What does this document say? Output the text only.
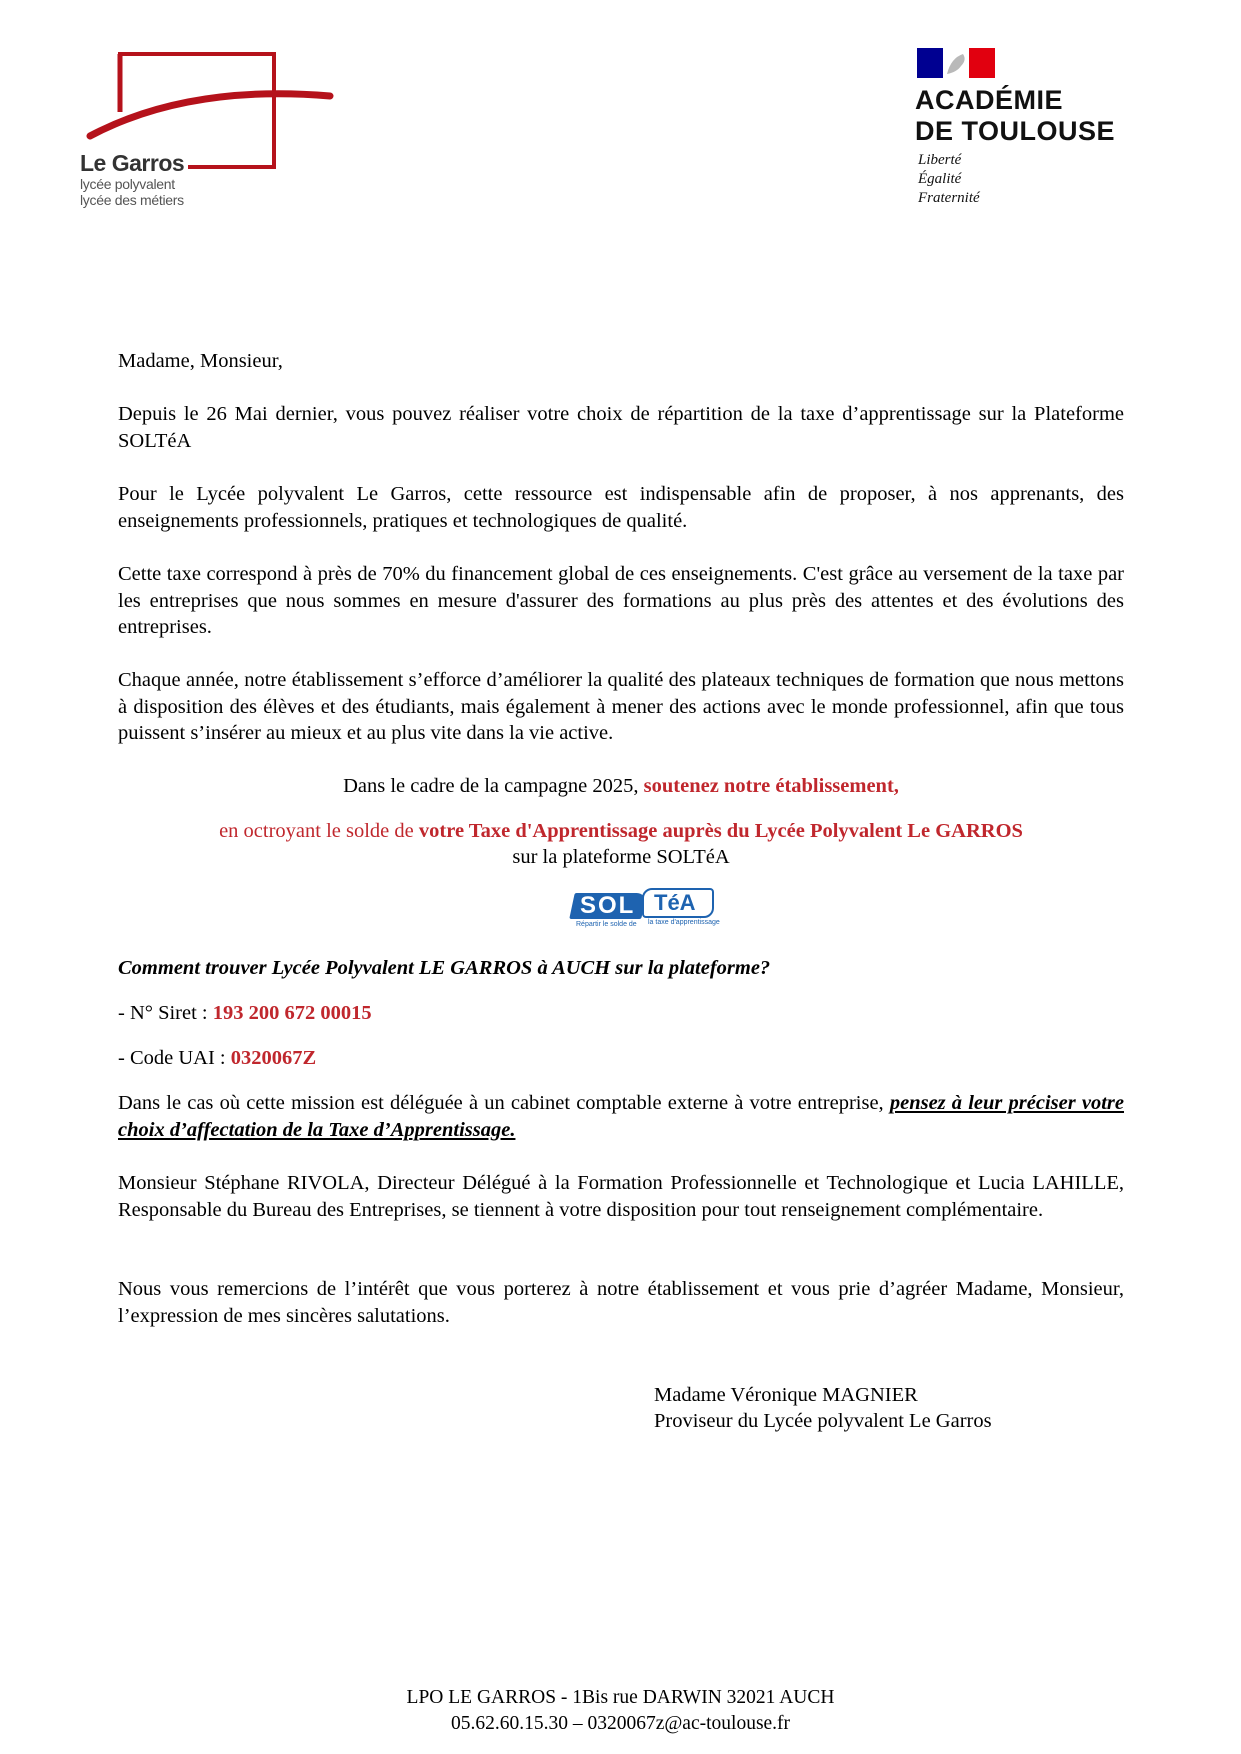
Le Garros
lycée polyvalent
lycée des métiers
ACADÉMIE
DE TOULOUSE
Liberté
Égalité
Fraternité
Madame, Monsieur,
Depuis le 26 Mai dernier, vous pouvez réaliser votre choix de répartition de la taxe d’apprentissage sur la Plateforme SOLTéA
Pour le Lycée polyvalent Le Garros, cette ressource est indispensable afin de proposer, à nos apprenants, des enseignements professionnels, pratiques et technologiques de qualité.
Cette taxe correspond à près de 70% du financement global de ces enseignements. C'est grâce au versement de la taxe par les entreprises que nous sommes en mesure d'assurer des formations au plus près des attentes et des évolutions des entreprises.
Chaque année, notre établissement s’efforce d’améliorer la qualité des plateaux techniques de formation que nous mettons à disposition des élèves et des étudiants, mais également à mener des actions avec le monde professionnel, afin que tous puissent s’insérer au mieux et au plus vite dans la vie active.
Dans le cadre de la campagne 2025, soutenez notre établissement,
en octroyant le solde de votre Taxe d'Apprentissage auprès du Lycée Polyvalent Le GARROS
sur la plateforme SOLTéA
SOL TéA
Répartir le solde de la taxe d'apprentissage
Comment trouver Lycée Polyvalent LE GARROS à AUCH sur la plateforme?
- N° Siret : 193 200 672 00015
- Code UAI : 0320067Z
Dans le cas où cette mission est déléguée à un cabinet comptable externe à votre entreprise, pensez à leur préciser votre choix d’affectation de la Taxe d’Apprentissage.
Monsieur Stéphane RIVOLA, Directeur Délégué à la Formation Professionnelle et Technologique et Lucia LAHILLE, Responsable du Bureau des Entreprises, se tiennent à votre disposition pour tout renseignement complémentaire.
Nous vous remercions de l’intérêt que vous porterez à notre établissement et vous prie d’agréer Madame, Monsieur, l’expression de mes sincères salutations.
Madame Véronique MAGNIER
Proviseur du Lycée polyvalent Le Garros
LPO LE GARROS - 1Bis rue DARWIN 32021 AUCH
05.62.60.15.30 – 0320067z@ac-toulouse.fr
